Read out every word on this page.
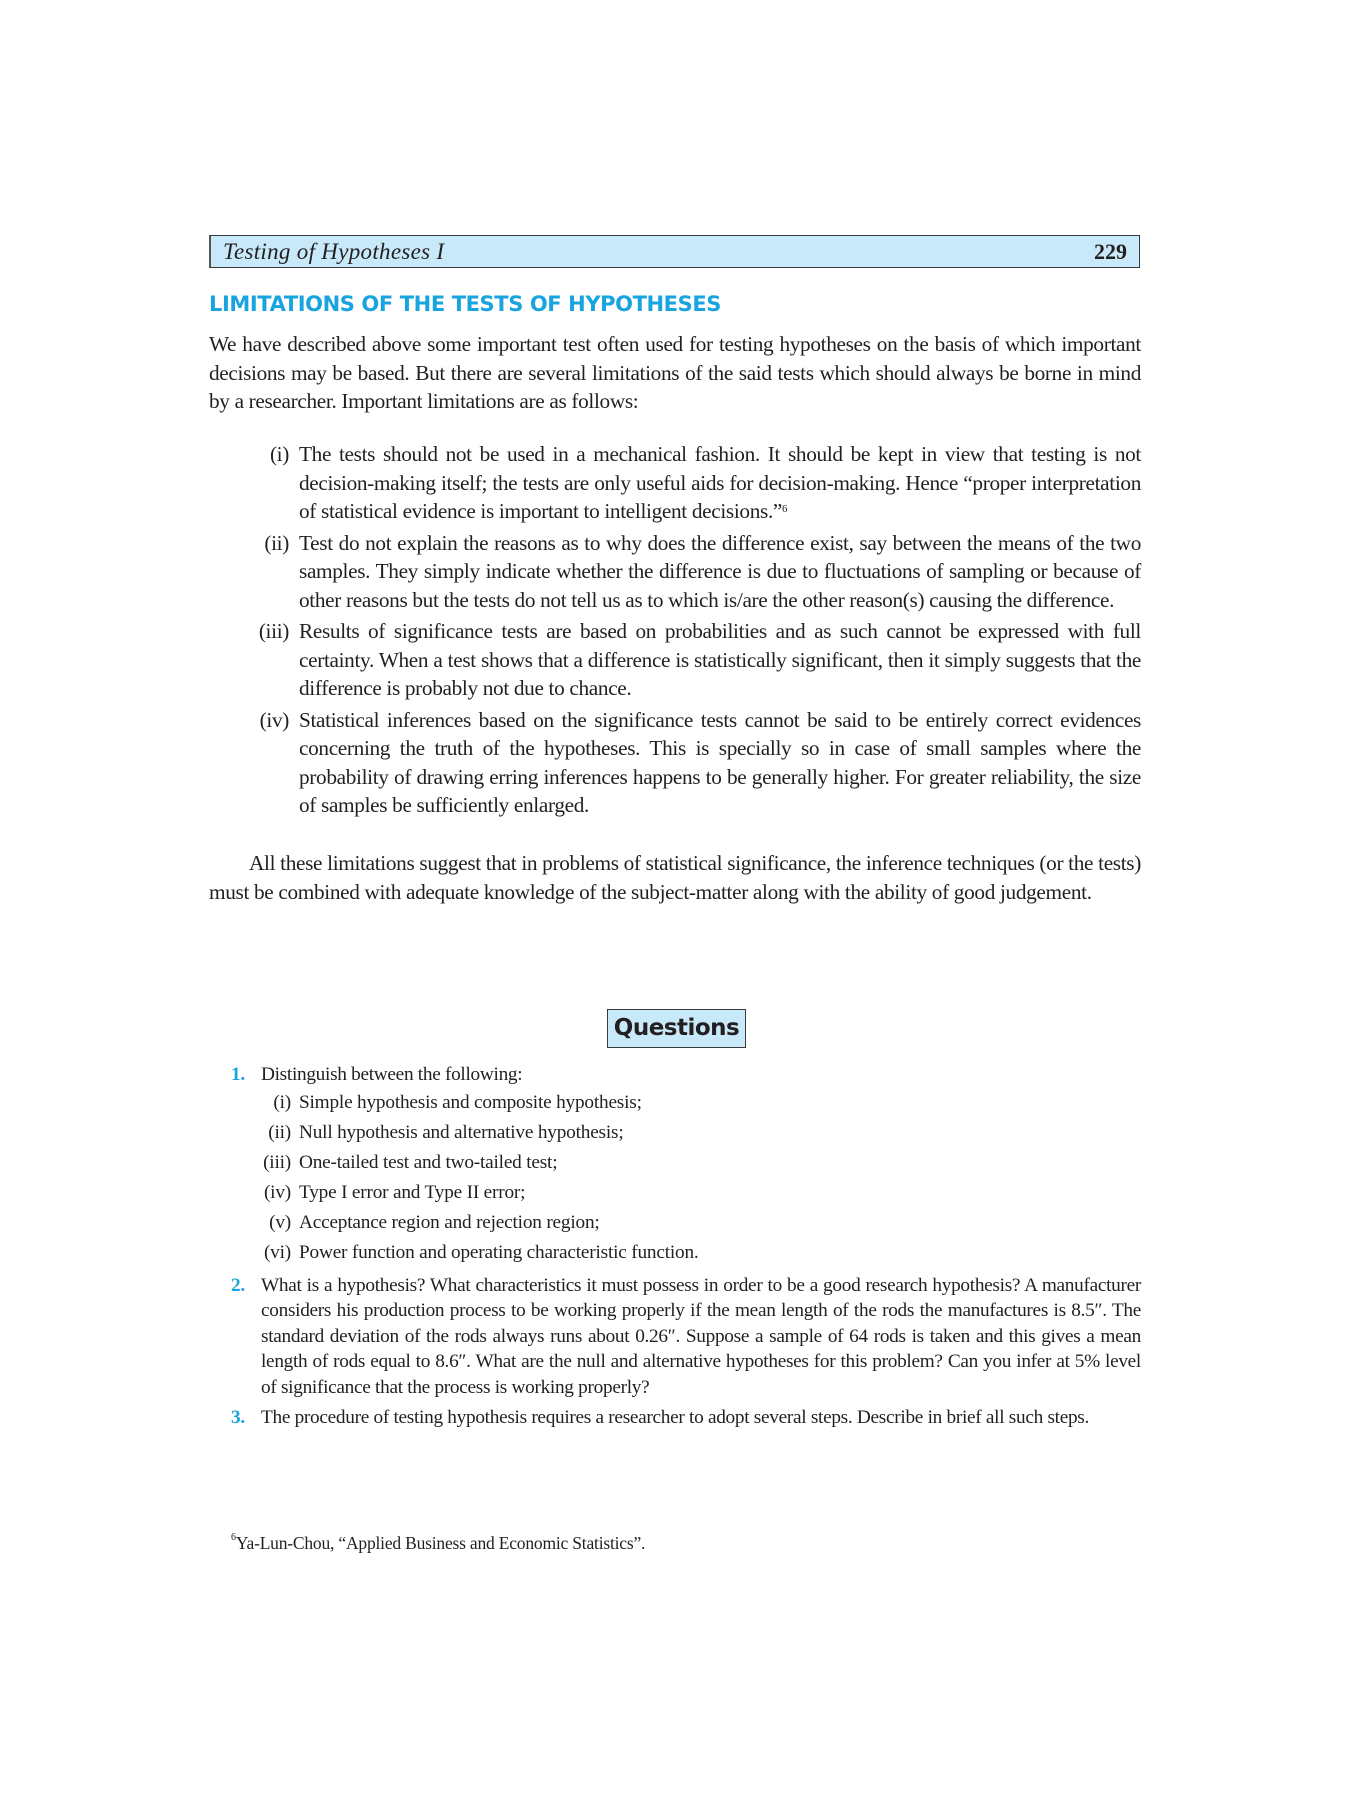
Testing of Hypotheses I	229
LIMITATIONS OF THE TESTS OF HYPOTHESES

We have described above some important test often used for testing hypotheses on the basis of which important decisions may be based. But there are several limitations of the said tests which should always be borne in mind by a researcher. Important limitations are as follows:

(i) The tests should not be used in a mechanical fashion. It should be kept in view that testing is not decision-making itself; the tests are only useful aids for decision-making. Hence “proper interpretation of statistical evidence is important to intelligent decisions.”$^6$
(ii) Test do not explain the reasons as to why does the difference exist, say between the means of the two samples. They simply indicate whether the difference is due to fluctuations of sampling or because of other reasons but the tests do not tell us as to which is/are the other reason(s) causing the difference.
(iii) Results of significance tests are based on probabilities and as such cannot be expressed with full certainty. When a test shows that a difference is statistically significant, then it simply suggests that the difference is probably not due to chance.
(iv) Statistical inferences based on the significance tests cannot be said to be entirely correct evidences concerning the truth of the hypotheses. This is specially so in case of small samples where the probability of drawing erring inferences happens to be generally higher. For greater reliability, the size of samples be sufficiently enlarged.

All these limitations suggest that in problems of statistical significance, the inference techniques (or the tests) must be combined with adequate knowledge of the subject-matter along with the ability of good judgement.

Questions
1. Distinguish between the following:
(i) Simple hypothesis and composite hypothesis;
(ii) Null hypothesis and alternative hypothesis;
(iii) One-tailed test and two-tailed test;
(iv) Type I error and Type II error;
(v) Acceptance region and rejection region;
(vi) Power function and operating characteristic function.
2. What is a hypothesis? What characteristics it must possess in order to be a good research hypothesis? A manufacturer considers his production process to be working properly if the mean length of the rods the manufactures is 8.5″. The standard deviation of the rods always runs about 0.26″. Suppose a sample of 64 rods is taken and this gives a mean length of rods equal to 8.6″. What are the null and alternative hypotheses for this problem? Can you infer at 5% level of significance that the process is working properly?
3. The procedure of testing hypothesis requires a researcher to adopt several steps. Describe in brief all such steps.
$^6$Ya-Lun-Chou, “Applied Business and Economic Statistics”.
